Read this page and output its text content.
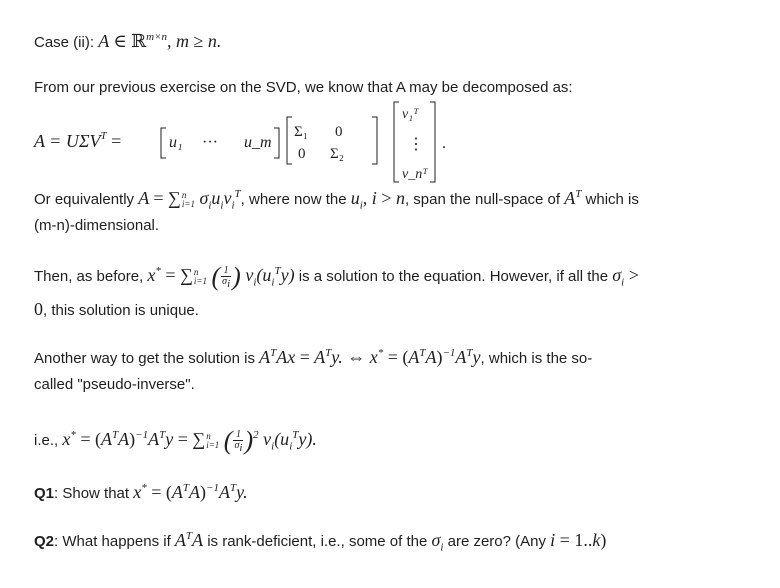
Case (ii): A ∈ ℝ$^{m\times n}$, m ≥ n.
From our previous exercise on the SVD, we know that A may be decomposed as:
$A = U\Sigma V^T$ =	u₁ ··· u_m
Σ₁ 0
0 Σ₂
v₁ᵀ
⋮
v_nᵀ
.
Or equivalently A = ∑ n
i=1 $\sigma_iu_iv_i^T$, where now the $u_i$, i > n, span the null-space of $A^T$ which is
(m-n)-dimensional.
Then, as before, x* = ∑ n
i=1 ( $\frac{1}{\sigma_i}$ ) $v_i(u_i^Ty)$ is a solution to the equation. However, if all the $\sigma_i$ >
0, this solution is unique.
Another way to get the solution is $A^TAx = A^Ty$. ⇔ $x^* = (A^TA)^{-1}A^Ty$, which is the so-
called "pseudo-inverse".
i.e., $x^* = (A^TA)^{-1}A^Ty$ = ∑ n
i=1 ( $\frac{1}{\sigma_i} )^2$ $v_i(u_i^Ty)$.
Q1: Show that $x^* = (A^TA)^{-1}A^Ty$.
Q2: What happens if $A^TA$ is rank-deficient, i.e., some of the $\sigma_i$ are zero? (Any i = 1..k)
